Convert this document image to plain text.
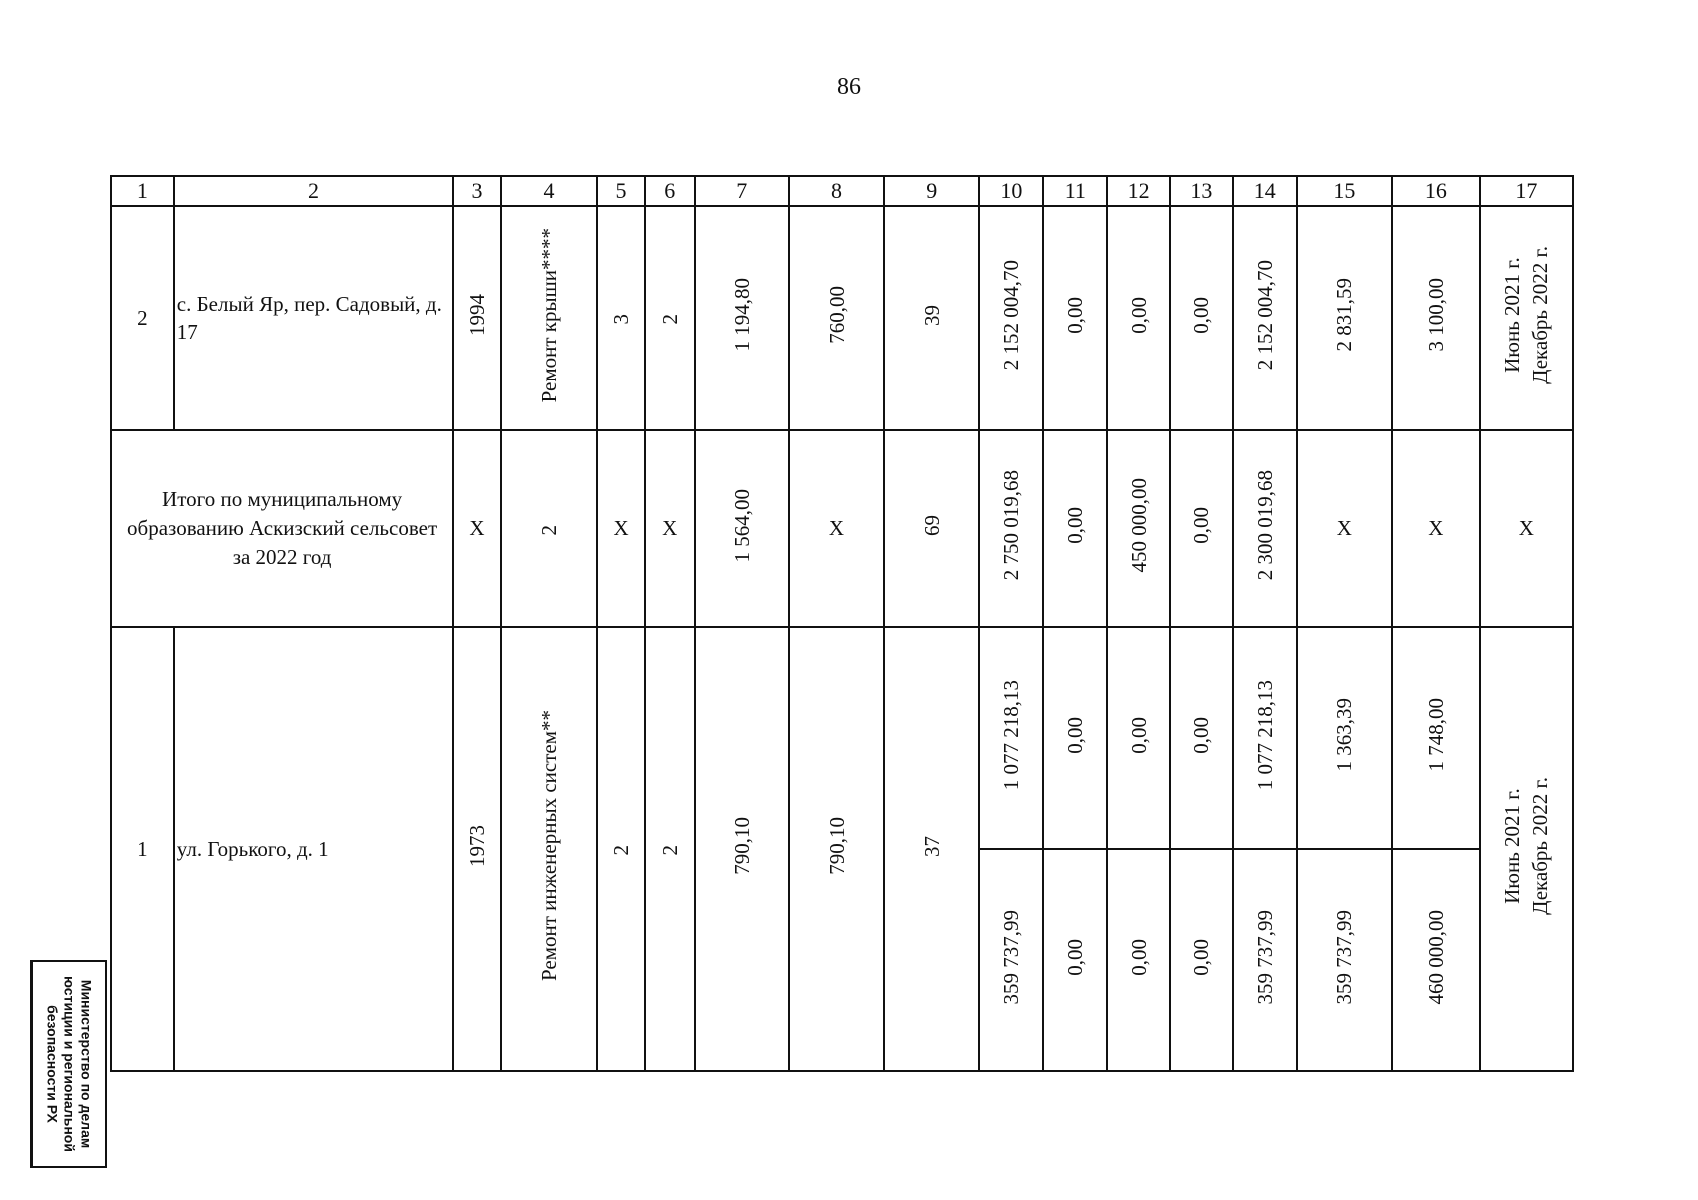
86
1	2	3	4	5	6	7	8	9	10	11	12	13	14	15	16	17
2	с. Белый Яр, пер. Садовый, д. 17	1994	Ремонт крыши****	3	2	1 194,80	760,00	39	2 152 004,70	0,00	0,00	0,00	2 152 004,70	2 831,59	3 100,00	Июнь 2021 г.
Декабрь 2022 г.
Итого по муниципальному образованию Аскизский сельсовет за 2022 год		Х	2	Х	Х	1 564,00	Х	69	2 750 019,68	0,00	450 000,00	0,00	2 300 019,68	Х	Х	Х
1	ул. Горького, д. 1	1973	Ремонт инженерных систем**	2	2	790,10	790,10	37	1 077 218,13	0,00	0,00	0,00	1 077 218,13	1 363,39	1 748,00	Июнь 2021 г.
Декабрь 2022 г.
									359 737,99	0,00	0,00	0,00	359 737,99	359 737,99	460 000,00	
Министерство по делам
юстиции и региональной
безопасности РХ
